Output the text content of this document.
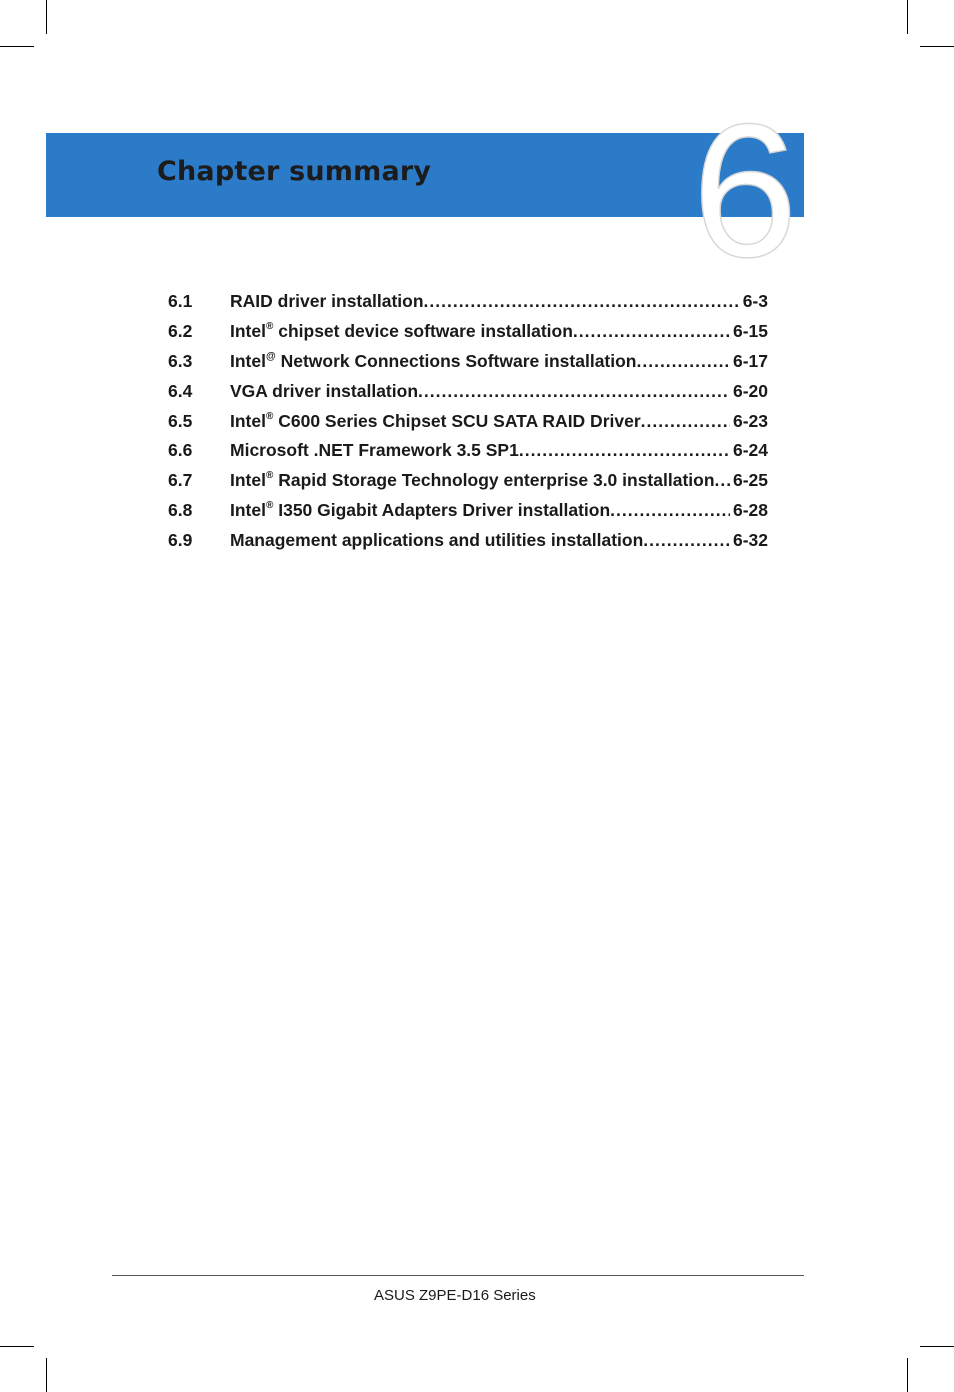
Chapter summary 6
6.1	RAID driver installation .....	6-3
6.2	Intel® chipset device software installation .....	6-15
6.3	Intel@ Network Connections Software installation .....	6-17
6.4	VGA driver installation .....	6-20
6.5	Intel® C600 Series Chipset SCU SATA RAID Driver .....	6-23
6.6	Microsoft .NET Framework 3.5 SP1 .....	6-24
6.7	Intel® Rapid Storage Technology enterprise 3.0 installation ..... 6-25
6.8	Intel® I350 Gigabit Adapters Driver installation .....	6-28
6.9	Management applications and utilities installation .....	6-32
ASUS Z9PE-D16 Series
